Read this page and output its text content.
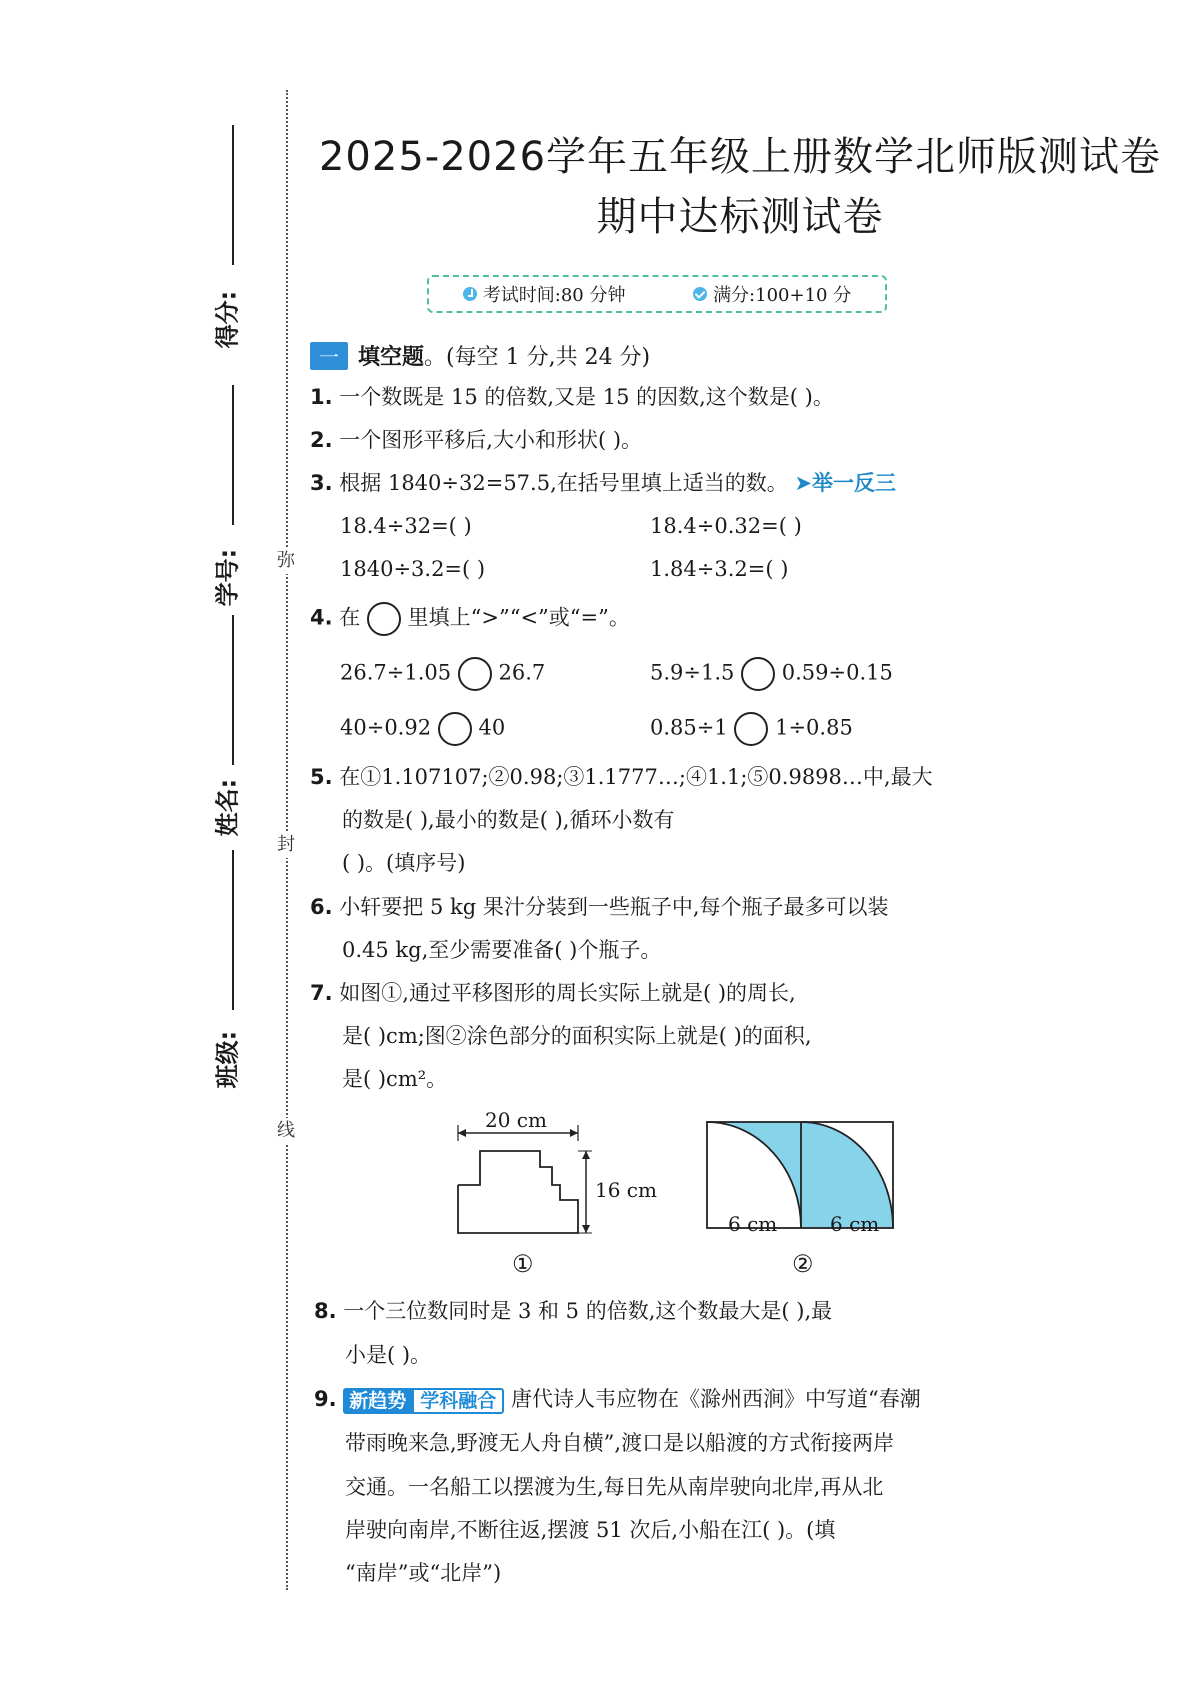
得分:
学号:
姓名:
班级:
弥
封
线
2025-2026学年五年级上册数学北师版测试卷
期中达标测试卷
考试时间:80 分钟	满分:100+10 分
一 填空题 。(每空 1 分,共 24 分)
1. 一个数既是 15 的倍数,又是 15 的因数,这个数是( )。
2. 一个图形平移后,大小和形状( )。
3. 根据 1840÷32=57.5,在括号里填上适当的数。 ➤举一反三
18.4÷32=( )	18.4÷0.32=( )
1840÷3.2=( )	1.84÷3.2=( )
4. 在 里填上“>”“<”或“=”。
26.7÷1.05 26.7	5.9÷1.5 0.59÷0.15
40÷0.92 40	0.85÷1 1÷0.85
5. 在①1.107107;②0.98;③1.1777…;④1.1;⑤0.9898…中,最大
的数是( ),最小的数是( ),循环小数有
( )。(填序号)
6. 小轩要把 5 kg 果汁分装到一些瓶子中,每个瓶子最多可以装
0.45 kg,至少需要准备( )个瓶子。
7. 如图①,通过平移图形的周长实际上就是( )的周长,
是( )cm;图②涂色部分的面积实际上就是( )的面积,
是( )cm²。
20 cm
16 cm
①
6 cm	6 cm
②
8. 一个三位数同时是 3 和 5 的倍数,这个数最大是( ),最
小是( )。
9. 新趋势 学科融合 唐代诗人韦应物在《滁州西涧》中写道“春潮
带雨晚来急,野渡无人舟自横”,渡口是以船渡的方式衔接两岸
交通。一名船工以摆渡为生,每日先从南岸驶向北岸,再从北
岸驶向南岸,不断往返,摆渡 51 次后,小船在江( )。(填
“南岸”或“北岸”)
